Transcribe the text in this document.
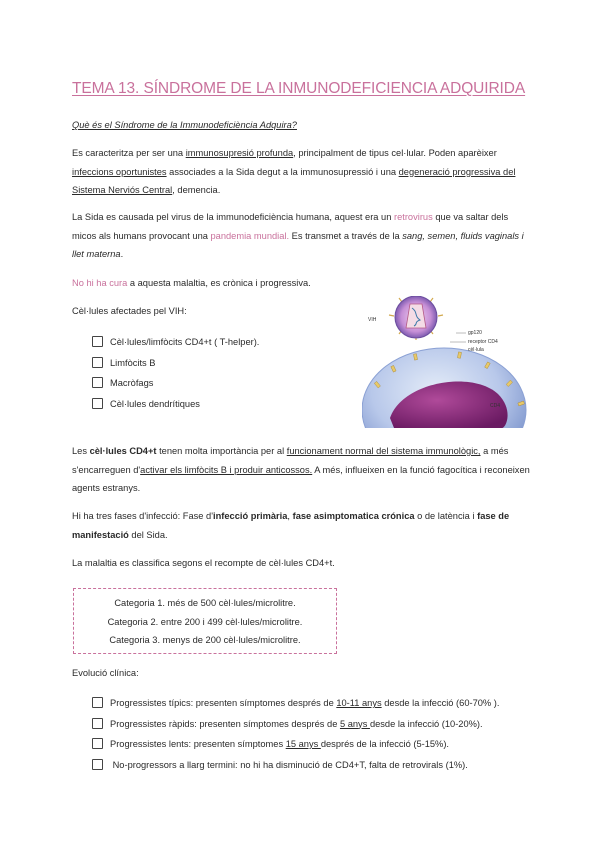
TEMA 13. SÍNDROME DE LA INMUNODEFICIENCIA ADQUIRIDA
Què és el Síndrome de la Immunodeficiència Adquira?
Es caracteritza per ser una immunosupresió profunda, principalment de tipus cel·lular. Poden aparèixer infeccions oportunistes associades a la Sida degut a la immunosupressió i una degeneració progressiva del Sistema Nerviós Central, demencia.
La Sida es causada pel virus de la immunodeficiència humana, aquest era un retrovirus que va saltar dels micos als humans provocant una pandemia mundial. Es transmet a través de la sang, semen, fluids vaginals i llet materna.
No hi ha cura a aquesta malaltia, es crònica i progressiva.
Cèl·lules afectades pel VIH:
Cèl·lules/limfòcits CD4+t ( T-helper).
Limfòcits B
Macròfags
Cèl·lules dendrítiques
VIH
gp120
receptor CD4
cèl·lula
CD4
Les cèl·lules CD4+t tenen molta importància per al funcionament normal del sistema immunològic, a més s'encarreguen d'activar els limfòcits B i produir anticossos. A més, influeixen en la funció fagocítica i reconeixen agents estranys.
Hi ha tres fases d'infecció: Fase d'infecció primària, fase asimptomatica crónica o de latència i fase de manifestació del Sida.
La malaltia es classifica segons el recompte de cèl·lules CD4+t.
Categoria 1. més de 500 cèl·lules/microlitre.
Categoria 2. entre 200 i 499 cèl·lules/microlitre.
Categoria 3. menys de 200 cèl·lules/microlitre.
Evolució clínica:
Progressistes típics: presenten símptomes després de 10-11 anys desde la infecció (60-70% ).
Progressistes ràpids: presenten símptomes després de 5 anys desde la infecció (10-20%).
Progressistes lents: presenten símptomes 15 anys després de la infecció (5-15%).
No-progressors a llarg termini: no hi ha disminució de CD4+T, falta de retrovirals (1%).
